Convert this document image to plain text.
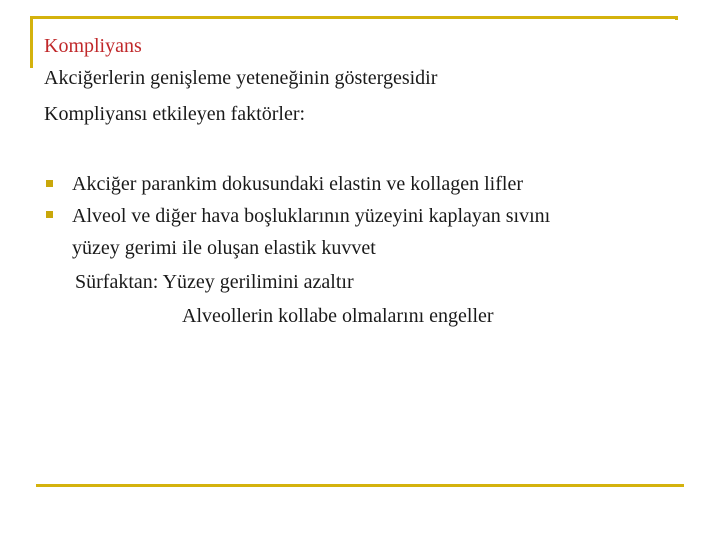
Kompliyans
Akciğerlerin genişleme yeteneğinin göstergesidir
Kompliyansı etkileyen faktörler:
Akciğer parankim dokusundaki elastin ve kollagen lifler
Alveol ve diğer hava boşluklarının yüzeyini kaplayan sıvını
yüzey gerimi ile oluşan elastik kuvvet
Sürfaktan: Yüzey gerilimini azaltır
Alveollerin kollabe olmalarını engeller
